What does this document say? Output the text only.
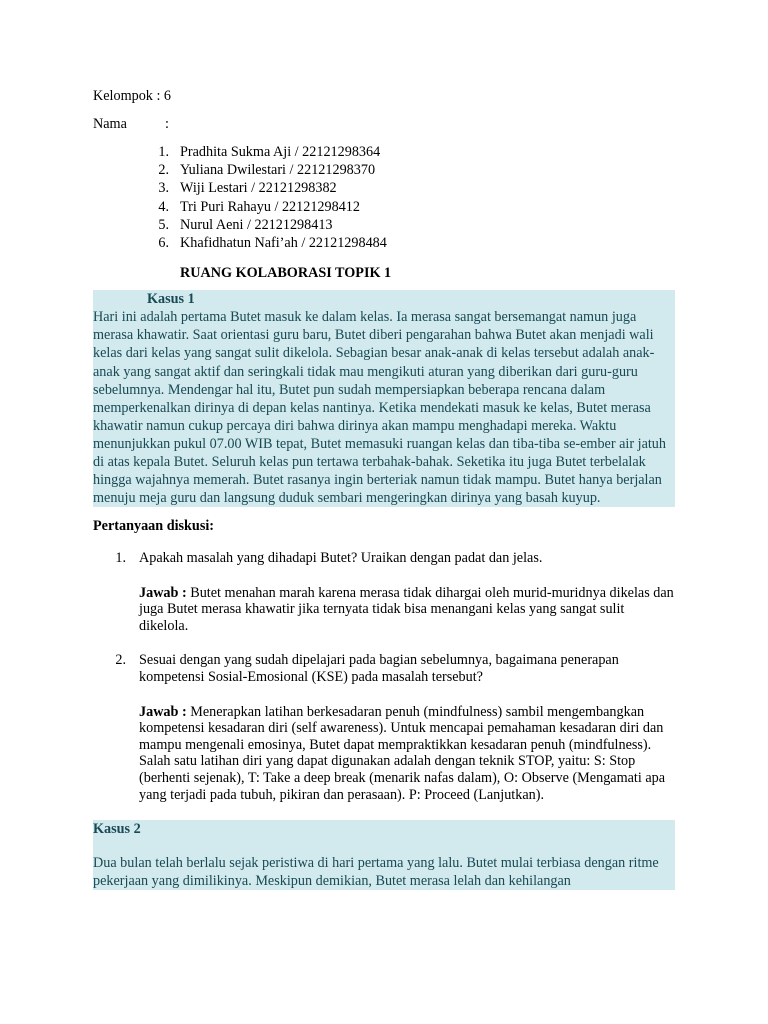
Kelompok : 6
Nama	:
1. Pradhita Sukma Aji / 22121298364
2. Yuliana Dwilestari / 22121298370
3. Wiji Lestari / 22121298382
4. Tri Puri Rahayu / 22121298412
5. Nurul Aeni / 22121298413
6. Khafidhatun Nafi’ah / 22121298484
RUANG KOLABORASI TOPIK 1
Kasus 1
Hari ini adalah pertama Butet masuk ke dalam kelas. Ia merasa sangat bersemangat namun juga merasa khawatir. Saat orientasi guru baru, Butet diberi pengarahan bahwa Butet akan menjadi wali kelas dari kelas yang sangat sulit dikelola. Sebagian besar anak-anak di kelas tersebut adalah anak-anak yang sangat aktif dan seringkali tidak mau mengikuti aturan yang diberikan dari guru-guru sebelumnya. Mendengar hal itu, Butet pun sudah mempersiapkan beberapa rencana dalam memperkenalkan dirinya di depan kelas nantinya. Ketika mendekati masuk ke kelas, Butet merasa khawatir namun cukup percaya diri bahwa dirinya akan mampu menghadapi mereka. Waktu menunjukkan pukul 07.00 WIB tepat, Butet memasuki ruangan kelas dan tiba-tiba se-ember air jatuh di atas kepala Butet. Seluruh kelas pun tertawa terbahak-bahak. Seketika itu juga Butet terbelalak hingga wajahnya memerah. Butet rasanya ingin berteriak namun tidak mampu. Butet hanya berjalan menuju meja guru dan langsung duduk sembari mengeringkan dirinya yang basah kuyup.
Pertanyaan diskusi:
1. Apakah masalah yang dihadapi Butet? Uraikan dengan padat dan jelas.
Jawab : Butet menahan marah karena merasa tidak dihargai oleh murid-muridnya dikelas dan juga Butet merasa khawatir jika ternyata tidak bisa menangani kelas yang sangat sulit dikelola.
2. Sesuai dengan yang sudah dipelajari pada bagian sebelumnya, bagaimana penerapan kompetensi Sosial-Emosional (KSE) pada masalah tersebut?
Jawab : Menerapkan latihan berkesadaran penuh (mindfulness) sambil mengembangkan kompetensi kesadaran diri (self awareness). Untuk mencapai pemahaman kesadaran diri dan mampu mengenali emosinya, Butet dapat mempraktikkan kesadaran penuh (mindfulness). Salah satu latihan diri yang dapat digunakan adalah dengan teknik STOP, yaitu: S: Stop (berhenti sejenak), T: Take a deep break (menarik nafas dalam), O: Observe (Mengamati apa yang terjadi pada tubuh, pikiran dan perasaan). P: Proceed (Lanjutkan).
Kasus 2
Dua bulan telah berlalu sejak peristiwa di hari pertama yang lalu. Butet mulai terbiasa dengan ritme pekerjaan yang dimilikinya. Meskipun demikian, Butet merasa lelah dan kehilangan
